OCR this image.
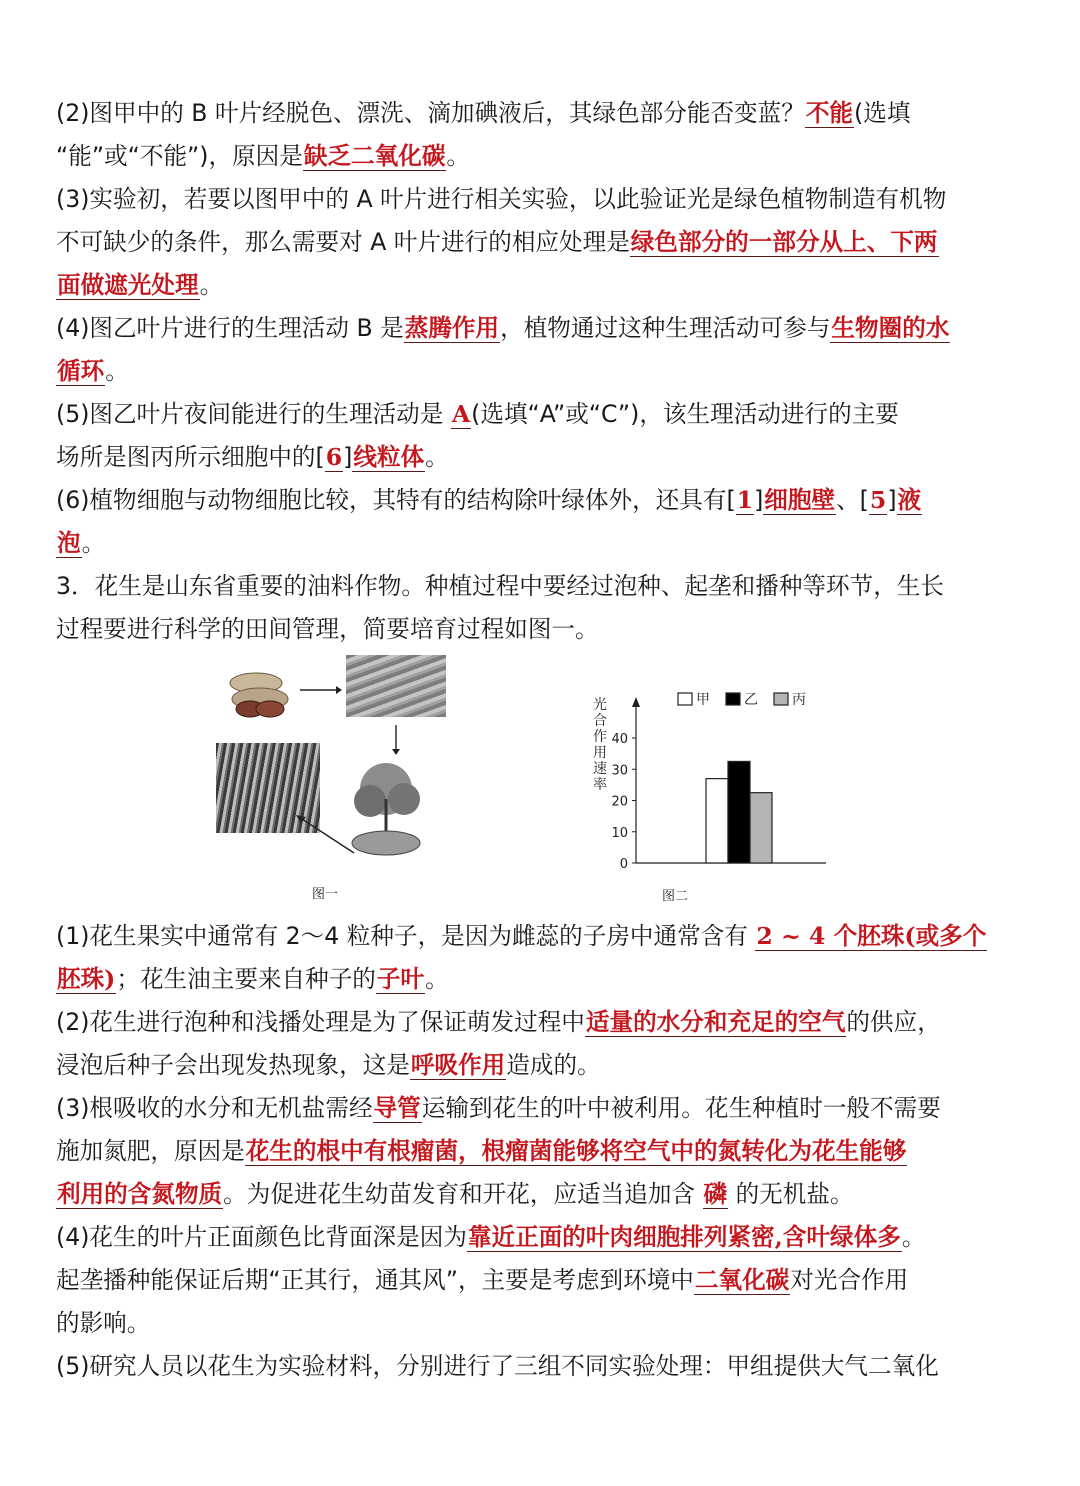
(2)图甲中的 B 叶片经脱色、漂洗、滴加碘液后，其绿色部分能否变蓝？不能(选填
“能”或“不能”)，原因是缺乏二氧化碳。
(3)实验初，若要以图甲中的 A 叶片进行相关实验，以此验证光是绿色植物制造有机物
不可缺少的条件，那么需要对 A 叶片进行的相应处理是绿色部分的一部分从上、下两
面做遮光处理。
(4)图乙叶片进行的生理活动 B 是蒸腾作用，植物通过这种生理活动可参与生物圈的水
循环。
(5)图乙叶片夜间能进行的生理活动是 A(选填“A”或“C”)，该生理活动进行的主要
场所是图丙所示细胞中的[6]线粒体。
(6)植物细胞与动物细胞比较，其特有的结构除叶绿体外，还具有[1]细胞壁、[5]液
泡。
3．花生是山东省重要的油料作物。种植过程中要经过泡种、起垄和播种等环节，生长
过程要进行科学的田间管理，简要培育过程如图一。
图一
0
10
20
30
40
光
合
作
用
速
率
甲 乙 丙
图二
(1)花生果实中通常有 2～4 粒种子，是因为雌蕊的子房中通常含有 2 ~ 4 个胚珠(或多个
胚珠)；花生油主要来自种子的子叶。
(2)花生进行泡种和浅播处理是为了保证萌发过程中适量的水分和充足的空气的供应，
浸泡后种子会出现发热现象，这是呼吸作用造成的。
(3)根吸收的水分和无机盐需经导管运输到花生的叶中被利用。花生种植时一般不需要
施加氮肥，原因是花生的根中有根瘤菌，根瘤菌能够将空气中的氮转化为花生能够
利用的含氮物质。为促进花生幼苗发育和开花，应适当追加含 磷 的无机盐。
(4)花生的叶片正面颜色比背面深是因为靠近正面的叶肉细胞排列紧密,含叶绿体多。
起垄播种能保证后期“正其行，通其风”，主要是考虑到环境中二氧化碳对光合作用
的影响。
(5)研究人员以花生为实验材料，分别进行了三组不同实验处理：甲组提供大气二氧化
